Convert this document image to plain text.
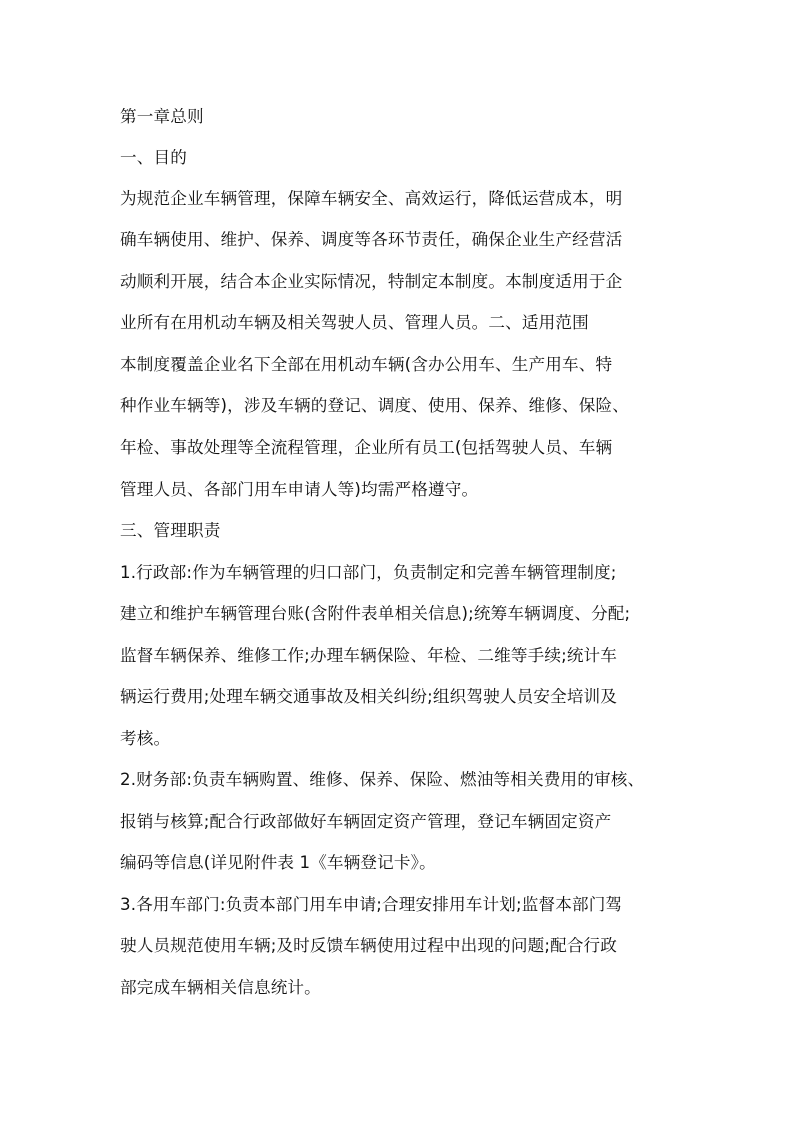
第一章总则
一、目的
为规范企业车辆管理，保障车辆安全、高效运行，降低运营成本，明
确车辆使用、维护、保养、调度等各环节责任，确保企业生产经营活
动顺利开展，结合本企业实际情况，特制定本制度。本制度适用于企
业所有在用机动车辆及相关驾驶人员、管理人员。二、适用范围
本制度覆盖企业名下全部在用机动车辆(含办公用车、生产用车、特
种作业车辆等)，涉及车辆的登记、调度、使用、保养、维修、保险、
年检、事故处理等全流程管理，企业所有员工(包括驾驶人员、车辆
管理人员、各部门用车申请人等)均需严格遵守。
三、管理职责
1.行政部:作为车辆管理的归口部门，负责制定和完善车辆管理制度;
建立和维护车辆管理台账(含附件表单相关信息);统筹车辆调度、分配;
监督车辆保养、维修工作;办理车辆保险、年检、二维等手续;统计车
辆运行费用;处理车辆交通事故及相关纠纷;组织驾驶人员安全培训及
考核。
2.财务部:负责车辆购置、维修、保养、保险、燃油等相关费用的审核、
报销与核算;配合行政部做好车辆固定资产管理，登记车辆固定资产
编码等信息(详见附件表 1《车辆登记卡》。
3.各用车部门:负责本部门用车申请;合理安排用车计划;监督本部门驾
驶人员规范使用车辆;及时反馈车辆使用过程中出现的问题;配合行政
部完成车辆相关信息统计。
